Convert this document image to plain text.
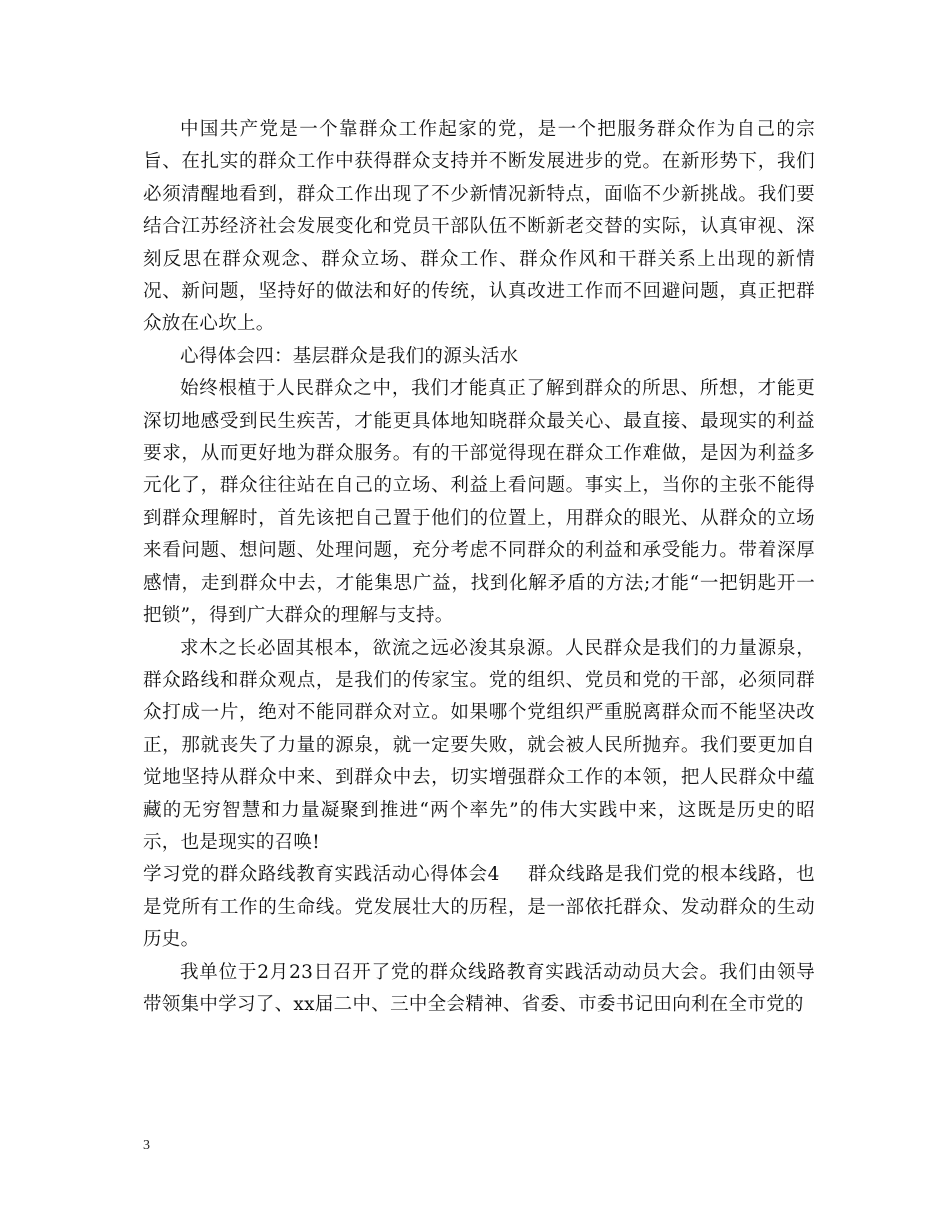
中国共产党是一个靠群众工作起家的党，是一个把服务群众作为自己的宗旨、在扎实的群众工作中获得群众支持并不断发展进步的党。在新形势下，我们必须清醒地看到，群众工作出现了不少新情况新特点，面临不少新挑战。我们要结合江苏经济社会发展变化和党员干部队伍不断新老交替的实际，认真审视、深刻反思在群众观念、群众立场、群众工作、群众作风和干群关系上出现的新情况、新问题，坚持好的做法和好的传统，认真改进工作而不回避问题，真正把群众放在心坎上。

心得体会四：基层群众是我们的源头活水

始终根植于人民群众之中，我们才能真正了解到群众的所思、所想，才能更深切地感受到民生疾苦，才能更具体地知晓群众最关心、最直接、最现实的利益要求，从而更好地为群众服务。有的干部觉得现在群众工作难做，是因为利益多元化了，群众往往站在自己的立场、利益上看问题。事实上，当你的主张不能得到群众理解时，首先该把自己置于他们的位置上，用群众的眼光、从群众的立场来看问题、想问题、处理问题，充分考虑不同群众的利益和承受能力。带着深厚感情，走到群众中去，才能集思广益，找到化解矛盾的方法;才能“一把钥匙开一把锁”，得到广大群众的理解与支持。

求木之长必固其根本，欲流之远必浚其泉源。人民群众是我们的力量源泉，群众路线和群众观点，是我们的传家宝。党的组织、党员和党的干部，必须同群众打成一片，绝对不能同群众对立。如果哪个党组织严重脱离群众而不能坚决改正，那就丧失了力量的源泉，就一定要失败，就会被人民所抛弃。我们要更加自觉地坚持从群众中来、到群众中去，切实增强群众工作的本领，把人民群众中蕴藏的无穷智慧和力量凝聚到推进“两个率先”的伟大实践中来，这既是历史的昭示，也是现实的召唤!

学习党的群众路线教育实践活动心得体会4 群众线路是我们党的根本线路，也是党所有工作的生命线。党发展壮大的历程，是一部依托群众、发动群众的生动历史。

我单位于2月23日召开了党的群众线路教育实践活动动员大会。我们由领导带领集中学习了、xx届二中、三中全会精神、省委、市委书记田向利在全市党的

3
